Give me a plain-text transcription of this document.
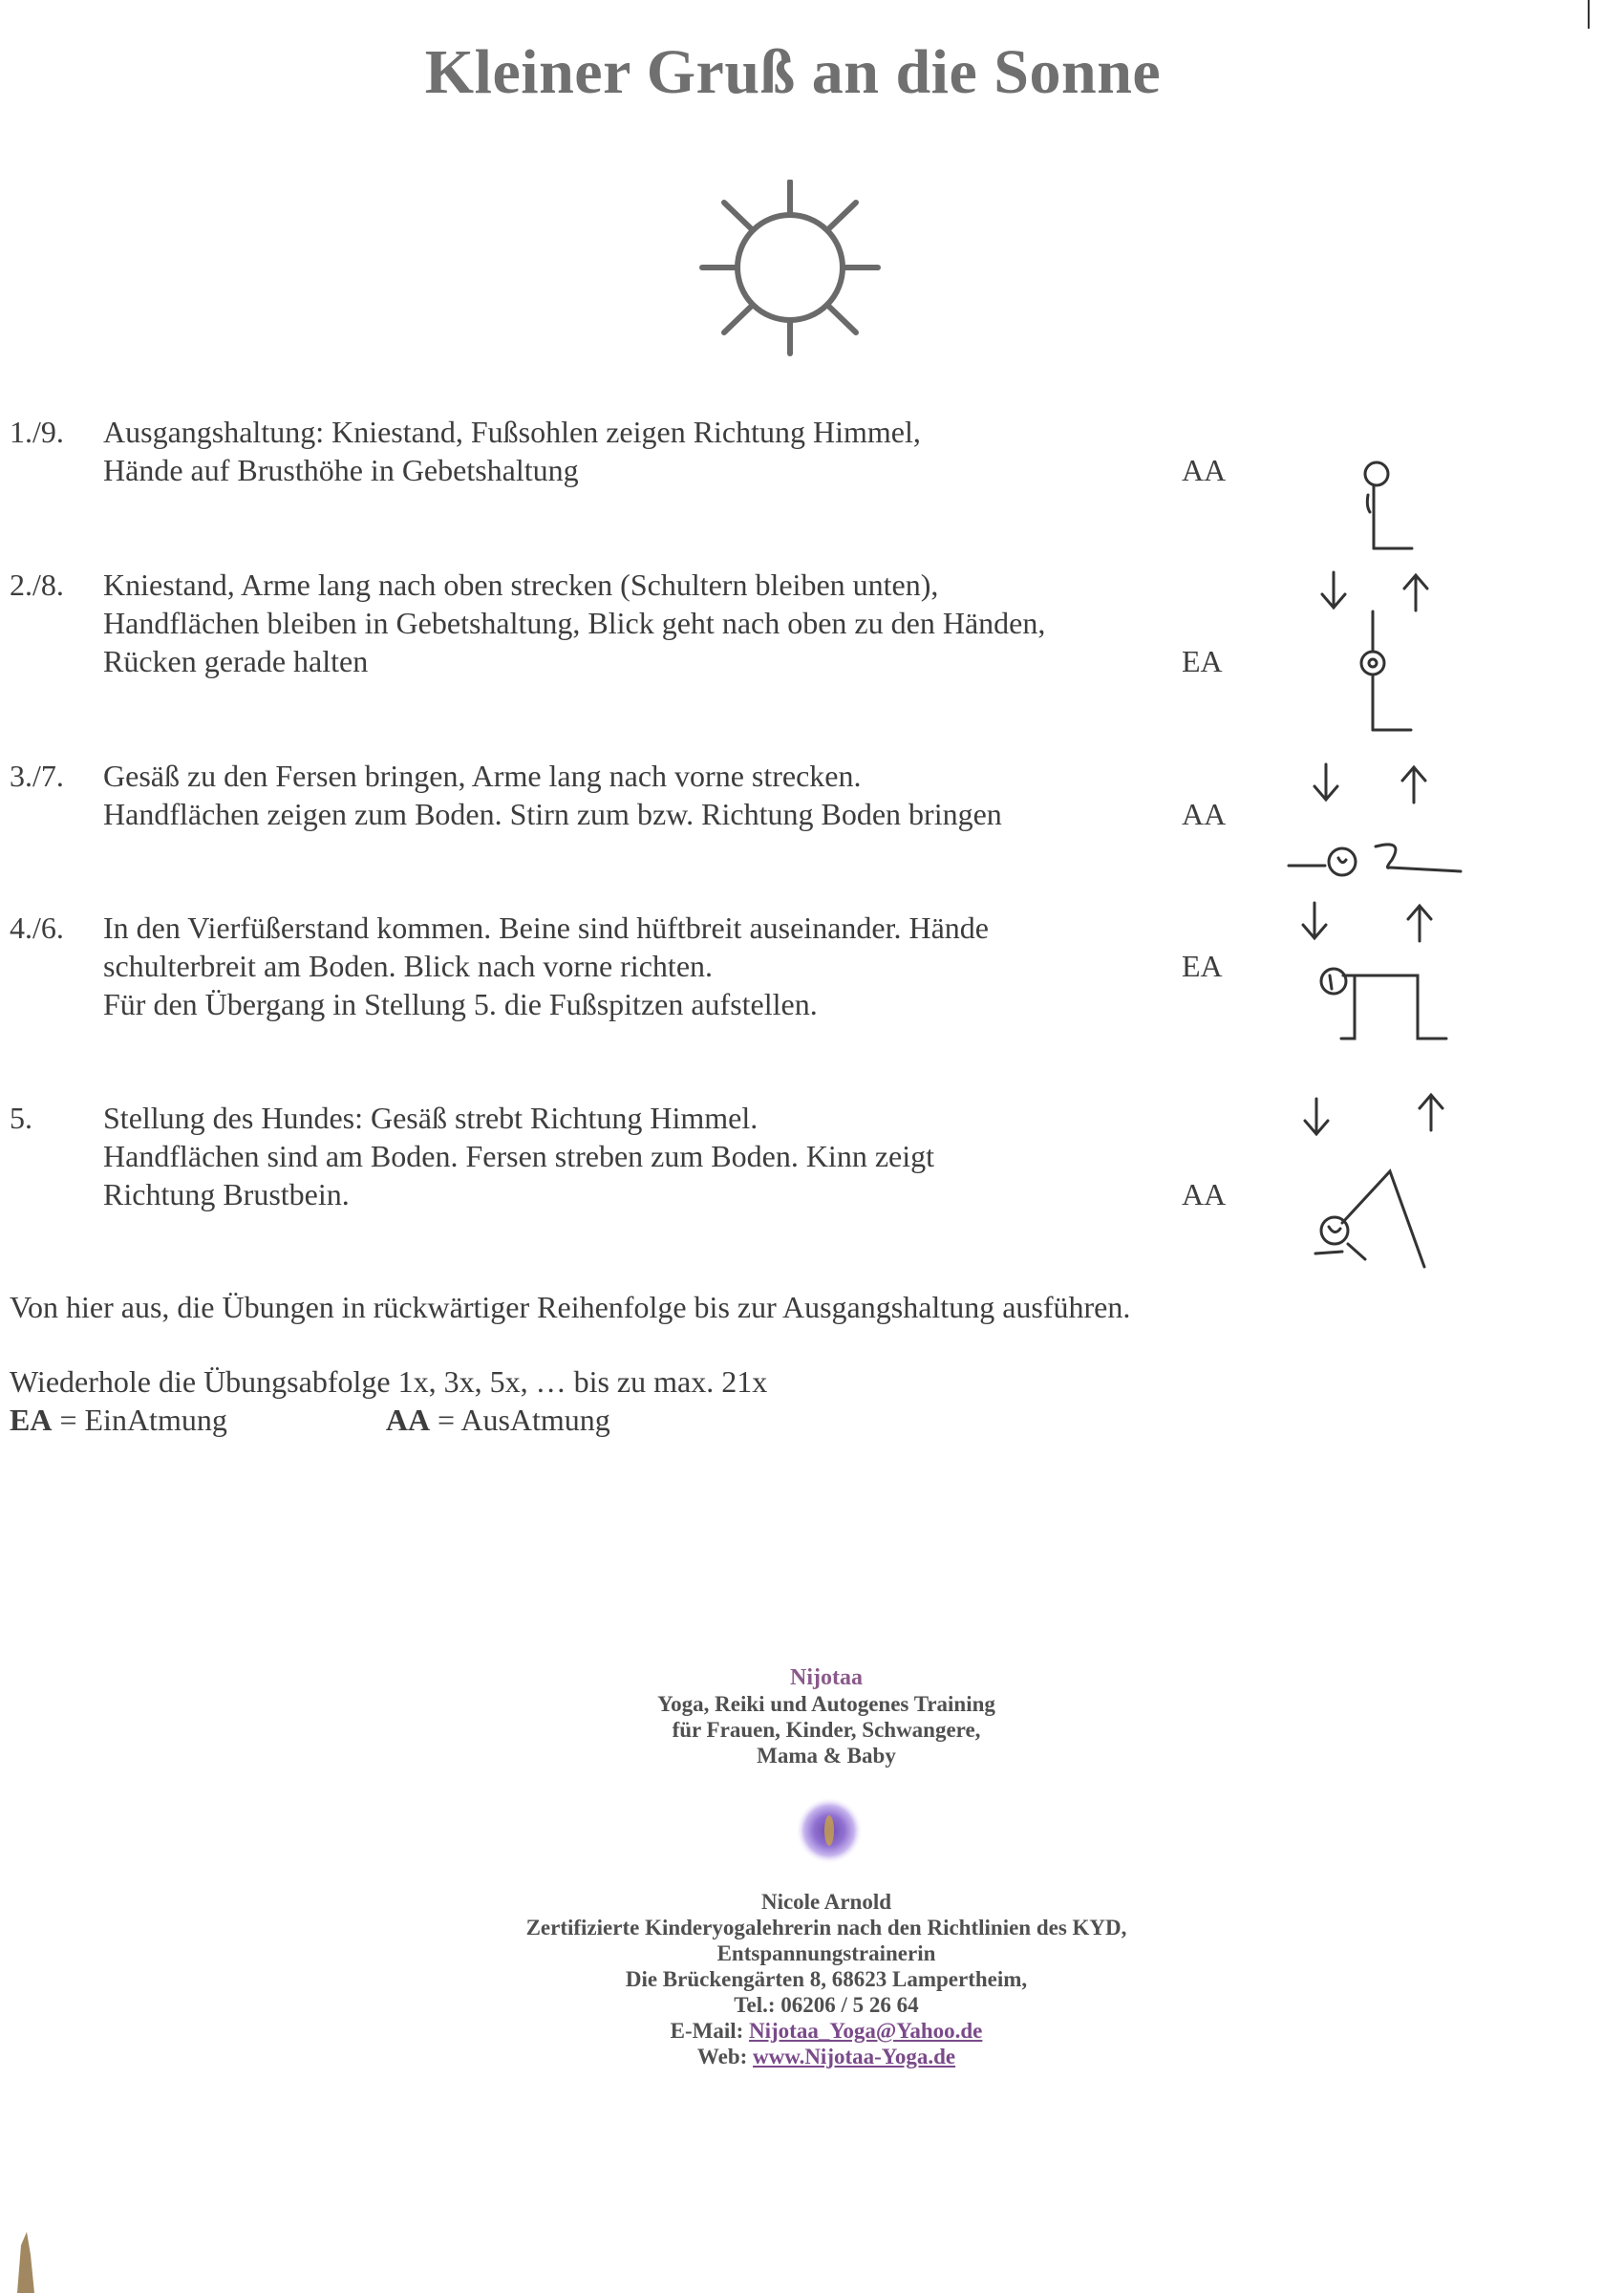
Kleiner Gruß an die Sonne
1./9. Ausgangshaltung: Kniestand, Fußsohlen zeigen Richtung Himmel,
Hände auf Brusthöhe in Gebetshaltung	AA
2./8. Kniestand, Arme lang nach oben strecken (Schultern bleiben unten),
Handflächen bleiben in Gebetshaltung, Blick geht nach oben zu den Händen,
Rücken gerade halten	EA
3./7. Gesäß zu den Fersen bringen, Arme lang nach vorne strecken.
Handflächen zeigen zum Boden. Stirn zum bzw. Richtung Boden bringen	AA
4./6. In den Vierfüßerstand kommen. Beine sind hüftbreit auseinander. Hände
schulterbreit am Boden. Blick nach vorne richten.
Für den Übergang in Stellung 5. die Fußspitzen aufstellen.
EA
5. Stellung des Hundes: Gesäß strebt Richtung Himmel.
Handflächen sind am Boden. Fersen streben zum Boden. Kinn zeigt
Richtung Brustbein.	AA
Von hier aus, die Übungen in rückwärtiger Reihenfolge bis zur Ausgangshaltung ausführen.
Wiederhole die Übungsabfolge 1x, 3x, 5x, … bis zu max. 21x
EA = EinAtmung	AA = AusAtmung
Nijotaa
Yoga, Reiki und Autogenes Training
für Frauen, Kinder, Schwangere,
Mama & Baby
Nicole Arnold
Zertifizierte Kinderyogalehrerin nach den Richtlinien des KYD,
Entspannungstrainerin
Die Brückengärten 8, 68623 Lampertheim,
Tel.: 06206 / 5 26 64
E-Mail: Nijotaa_Yoga@Yahoo.de
Web: www.Nijotaa-Yoga.de
